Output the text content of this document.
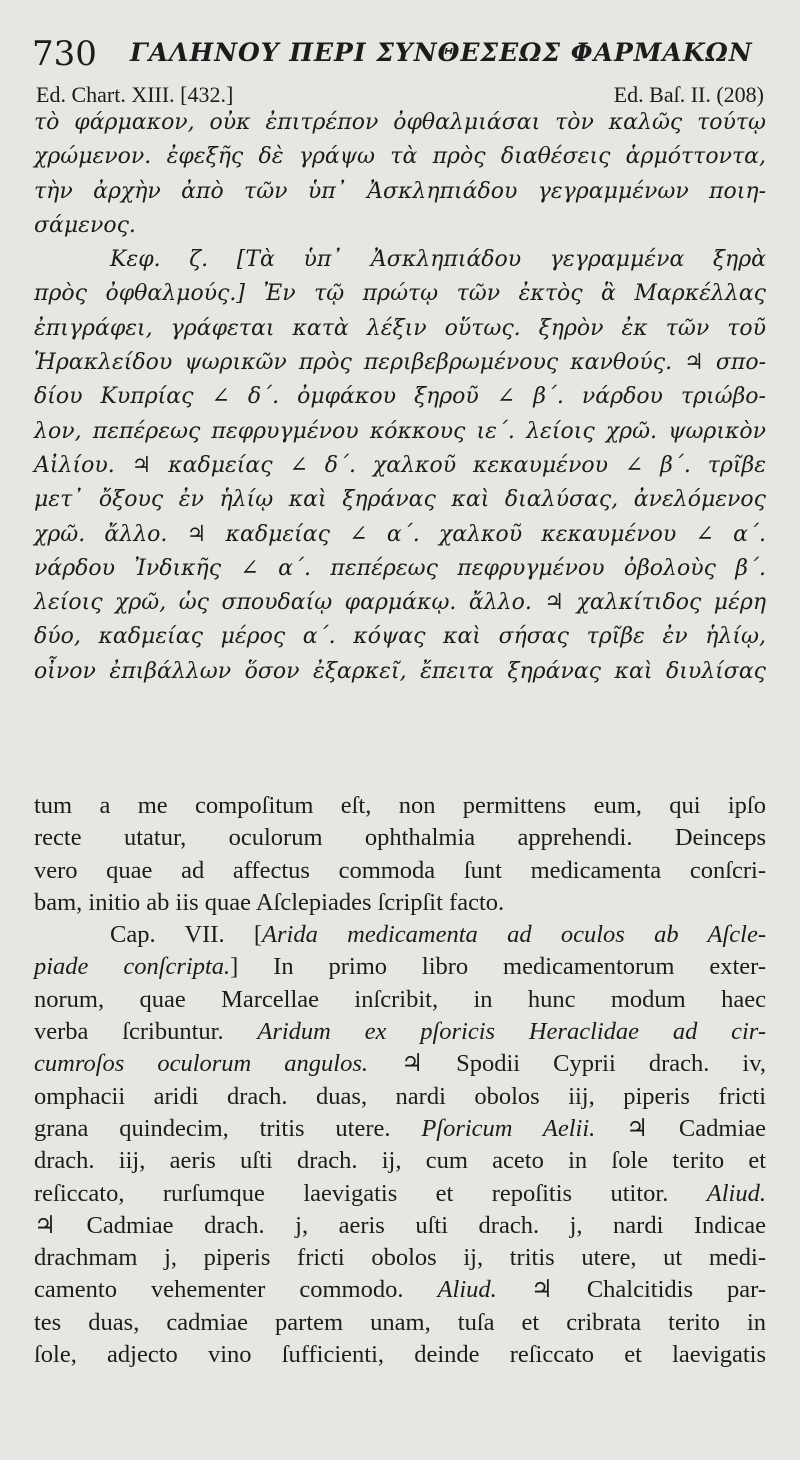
730 ΓΑΛΗΝΟΥ ΠΕΡΙ ΣΥΝΘΕΣΕΩΣ ΦΑΡΜΑΚΩΝ
Ed. Chart. XIII. [432.]	Ed. Baſ. II. (208)
τὸ φάρμακον, οὐκ ἐπιτρέπον ὀφθαλμιάσαι τὸν καλῶς τούτῳ
χρώμενον. ἐφεξῆς δὲ γράψω τὰ πρὸς διαθέσεις ἁρμόττοντα,
τὴν ἀρχὴν ἀπὸ τῶν ὑπ᾽ Ἀσκληπιάδου γεγραμμένων ποιη-
σάμενος.
Κεφ. ζ. [Τὰ ὑπ᾽ Ἀσκληπιάδου γεγραμμένα ξηρὰ
πρὸς ὀφθαλμούς.] Ἐν τῷ πρώτῳ τῶν ἐκτὸς ἃ Μαρκέλλας
ἐπιγράφει, γράφεται κατὰ λέξιν οὕτως. ξηρὸν ἐκ τῶν τοῦ
Ἡρακλείδου ψωρικῶν πρὸς περιβεβρωμένους κανθούς. ♃ σπο-
δίου Κυπρίας ∠ δ΄. ὀμφάκου ξηροῦ ∠ β΄. νάρδου τριώβο-
λον, πεπέρεως πεφρυγμένου κόκκους ιε΄. λείοις χρῶ. ψωρικὸν
Αἰλίου. ♃ καδμείας ∠ δ΄. χαλκοῦ κεκαυμένου ∠ β΄. τρῖβε
μετ᾽ ὄξους ἐν ἡλίῳ καὶ ξηράνας καὶ διαλύσας, ἀνελόμενος
χρῶ. ἄλλο. ♃ καδμείας ∠ α΄. χαλκοῦ κεκαυμένου ∠ α΄.
νάρδου Ἰνδικῆς ∠ α΄. πεπέρεως πεφρυγμένου ὀβολοὺς β΄.
λείοις χρῶ, ὡς σπουδαίῳ φαρμάκῳ. ἄλλο. ♃ χαλκίτιδος μέρη
δύο, καδμείας μέρος α΄. κόψας καὶ σήσας τρῖβε ἐν ἡλίῳ,
οἶνον ἐπιβάλλων ὅσον ἐξαρκεῖ, ἔπειτα ξηράνας καὶ διυλίσας
tum a me compoſitum eſt, non permittens eum, qui ipſo
recte utatur, oculorum ophthalmia apprehendi. Deinceps
vero quae ad affectus commoda ſunt medicamenta conſcri-
bam, initio ab iis quae Aſclepiades ſcripſit facto.
Cap. VII. [Arida medicamenta ad oculos ab Aſcle-
piade conſcripta.] In primo libro medicamentorum exter-
norum, quae Marcellae inſcribit, in hunc modum haec
verba ſcribuntur. Aridum ex pſoricis Heraclidae ad cir-
cumroſos oculorum angulos. ♃ Spodii Cyprii drach. iv,
omphacii aridi drach. duas, nardi obolos iij, piperis fricti
grana quindecim, tritis utere. Pſoricum Aelii. ♃ Cadmiae
drach. iij, aeris uſti drach. ij, cum aceto in ſole terito et
reſiccato, rurſumque laevigatis et repoſitis utitor. Aliud.
♃ Cadmiae drach. j, aeris uſti drach. j, nardi Indicae
drachmam j, piperis fricti obolos ij, tritis utere, ut medi-
camento vehementer commodo. Aliud. ♃ Chalcitidis par-
tes duas, cadmiae partem unam, tuſa et cribrata terito in
ſole, adjecto vino ſufficienti, deinde reſiccato et laevigatis
